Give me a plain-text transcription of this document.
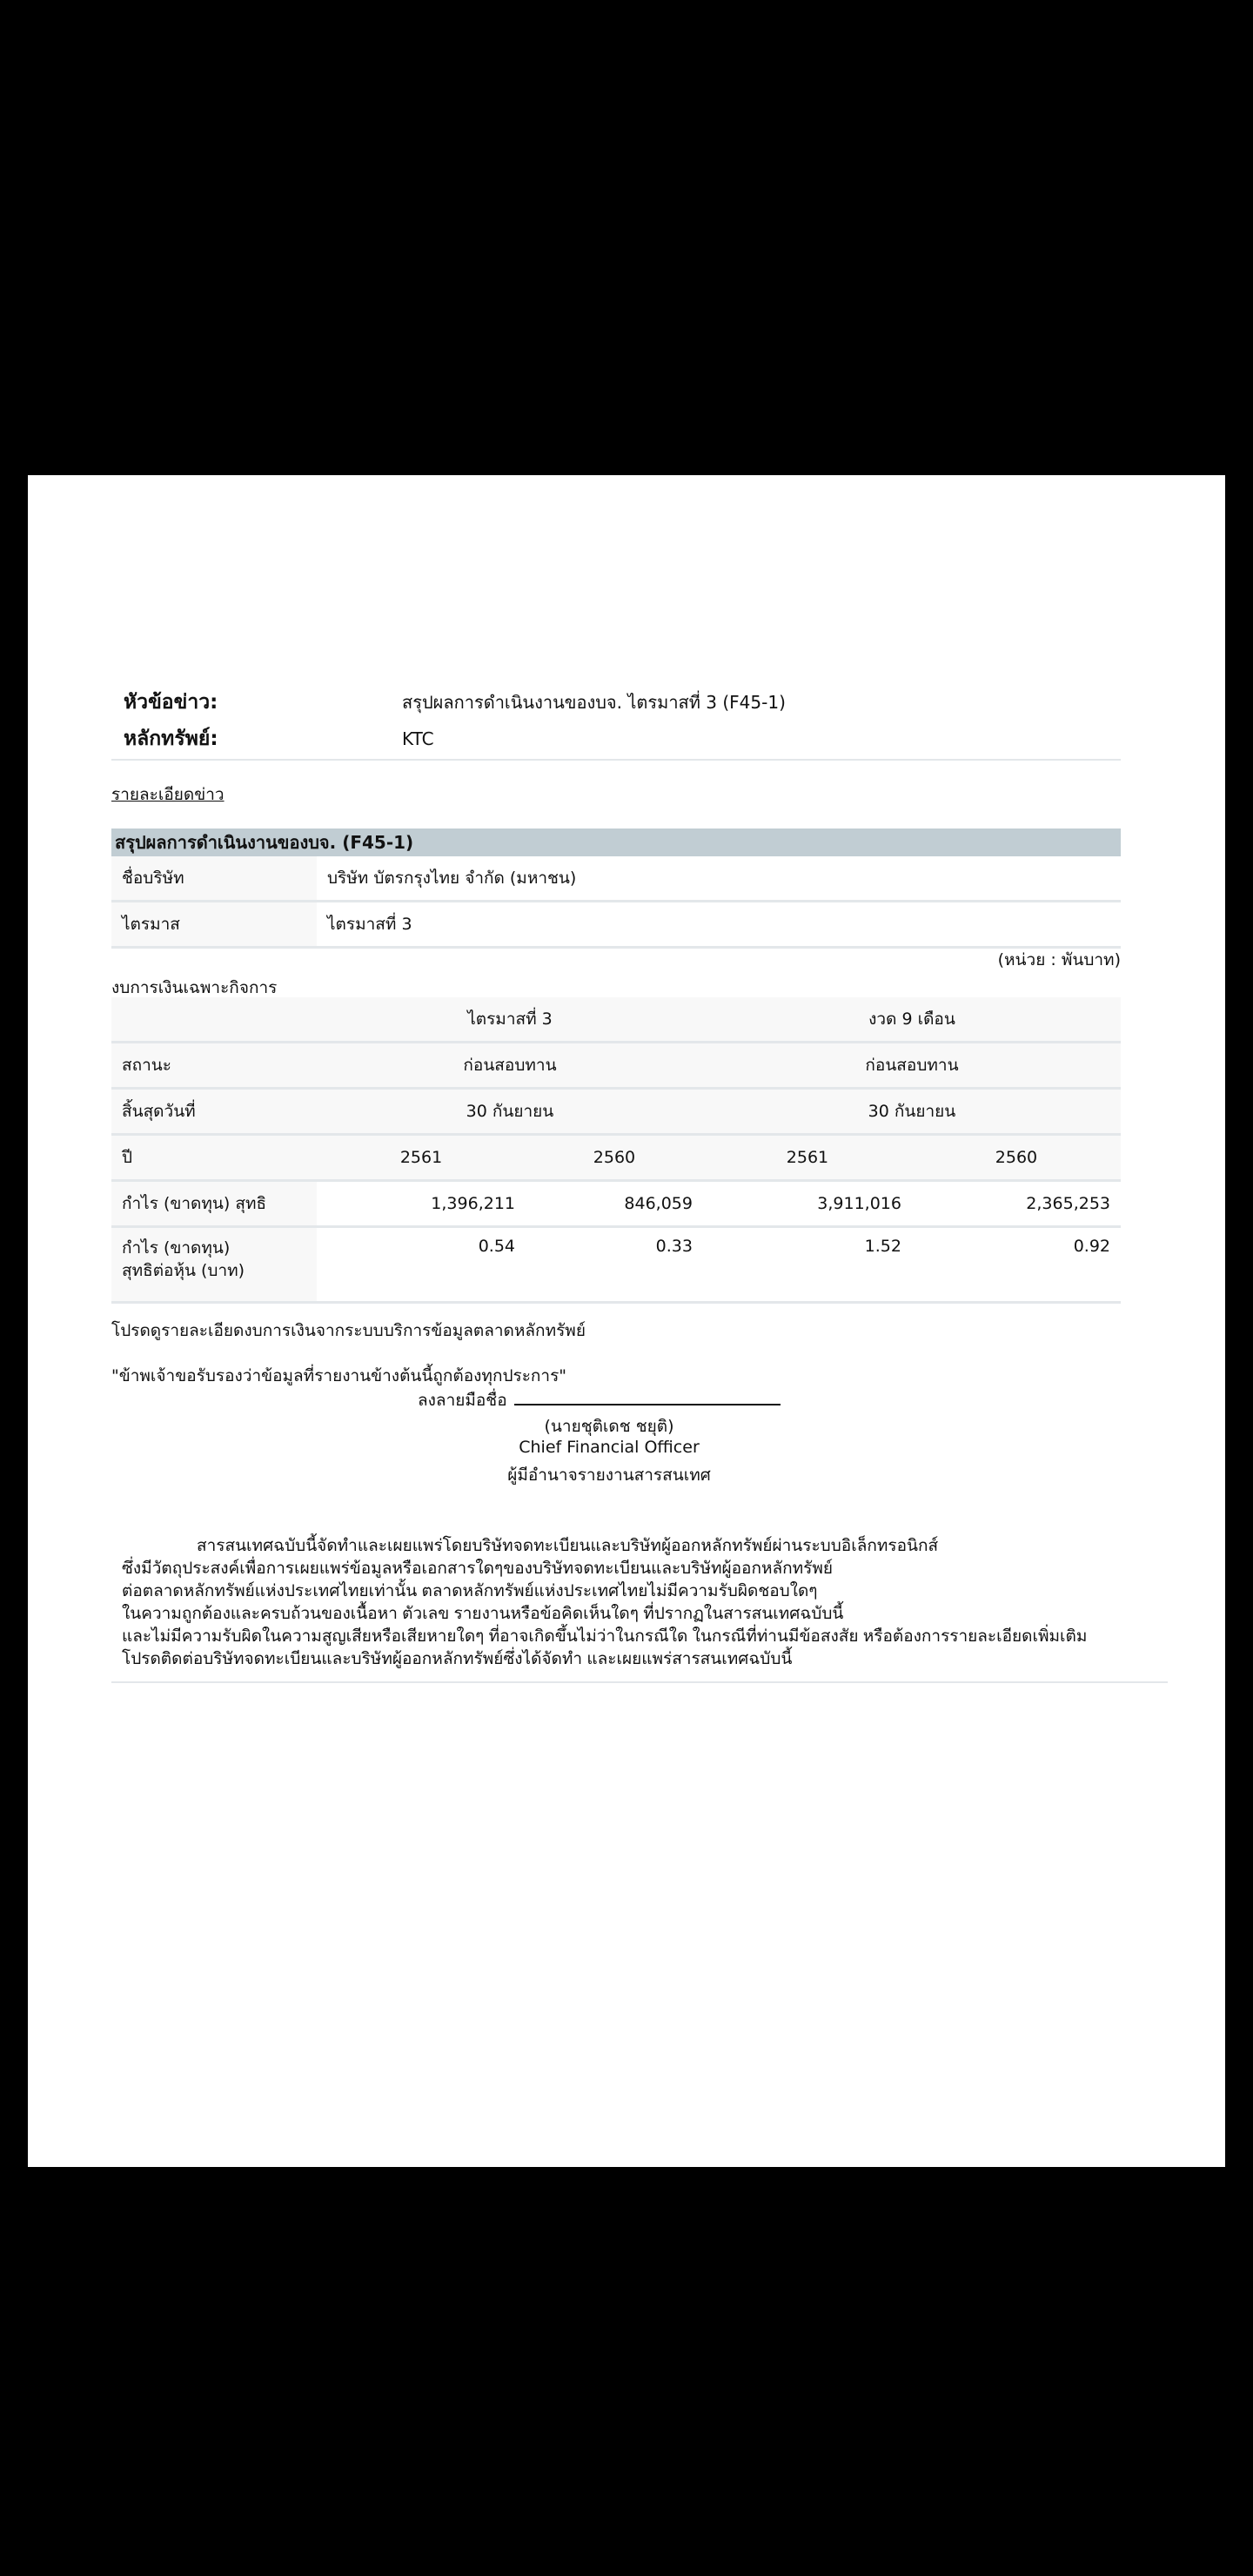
หัวข้อข่าว:	สรุปผลการดำเนินงานของบจ. ไตรมาสที่ 3 (F45-1)
หลักทรัพย์:	KTC
รายละเอียดข่าว
สรุปผลการดำเนินงานของบจ. (F45-1)
ชื่อบริษัท	บริษัท บัตรกรุงไทย จำกัด (มหาชน)
ไตรมาส	ไตรมาสที่ 3
(หน่วย : พันบาท)
งบการเงินเฉพาะกิจการ
	ไตรมาสที่ 3		งวด 9 เดือน	
สถานะ	ก่อนสอบทาน		ก่อนสอบทาน	
สิ้นสุดวันที่	30 กันยายน		30 กันยายน	
ปี	2561	2560	2561	2560
กำไร (ขาดทุน) สุทธิ	1,396,211	846,059	3,911,016	2,365,253

กำไร (ขาดทุน)
สุทธิต่อหุ้น (บาท)	0.54	0.33	1.52	0.92
โปรดดูรายละเอียดงบการเงินจากระบบบริการข้อมูลตลาดหลักทรัพย์
"ข้าพเจ้าขอรับรองว่าข้อมูลที่รายงานข้างต้นนี้ถูกต้องทุกประการ"
ลงลายมือชื่อ
(นายชุติเดช ชยุติ)
Chief Financial Officer
ผู้มีอำนาจรายงานสารสนเทศ
สารสนเทศฉบับนี้จัดทำและเผยแพร่โดยบริษัทจดทะเบียนและบริษัทผู้ออกหลักทรัพย์ผ่านระบบอิเล็กทรอนิกส์
ซึ่งมีวัตถุประสงค์เพื่อการเผยแพร่ข้อมูลหรือเอกสารใดๆของบริษัทจดทะเบียนและบริษัทผู้ออกหลักทรัพย์
ต่อตลาดหลักทรัพย์แห่งประเทศไทยเท่านั้น ตลาดหลักทรัพย์แห่งประเทศไทยไม่มีความรับผิดชอบใดๆ
ในความถูกต้องและครบถ้วนของเนื้อหา ตัวเลข รายงานหรือข้อคิดเห็นใดๆ ที่ปรากฏในสารสนเทศฉบับนี้
และไม่มีความรับผิดในความสูญเสียหรือเสียหายใดๆ ที่อาจเกิดขึ้นไม่ว่าในกรณีใด ในกรณีที่ท่านมีข้อสงสัย หรือต้องการรายละเอียดเพิ่มเติม
โปรดติดต่อบริษัทจดทะเบียนและบริษัทผู้ออกหลักทรัพย์ซึ่งได้จัดทำ และเผยแพร่สารสนเทศฉบับนี้
